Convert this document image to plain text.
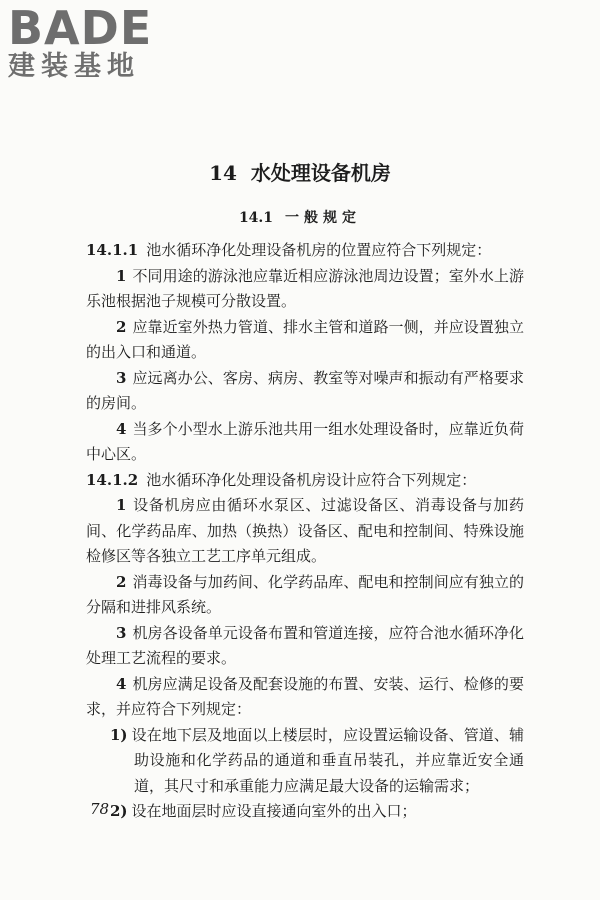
BADE
建装基地
14 水处理设备机房
14.1 一般规定

14.1.1 池水循环净化处理设备机房的位置应符合下列规定：

1 不同用途的游泳池应靠近相应游泳池周边设置；室外水上游乐池根据池子规模可分散设置。

2 应靠近室外热力管道、排水主管和道路一侧，并应设置独立的出入口和通道。

3 应远离办公、客房、病房、教室等对噪声和振动有严格要求的房间。

4 当多个小型水上游乐池共用一组水处理设备时，应靠近负荷中心区。

14.1.2 池水循环净化处理设备机房设计应符合下列规定：

1 设备机房应由循环水泵区、过滤设备区、消毒设备与加药间、化学药品库、加热（换热）设备区、配电和控制间、特殊设施检修区等各独立工艺工序单元组成。

2 消毒设备与加药间、化学药品库、配电和控制间应有独立的分隔和进排风系统。

3 机房各设备单元设备布置和管道连接，应符合池水循环净化处理工艺流程的要求。

4 机房应满足设备及配套设施的布置、安装、运行、检修的要求，并应符合下列规定：

1) 设在地下层及地面以上楼层时，应设置运输设备、管道、辅助设施和化学药品的通道和垂直吊装孔，并应靠近安全通道，其尺寸和承重能力应满足最大设备的运输需求；

2) 设在地面层时应设直接通向室外的出入口；

78
